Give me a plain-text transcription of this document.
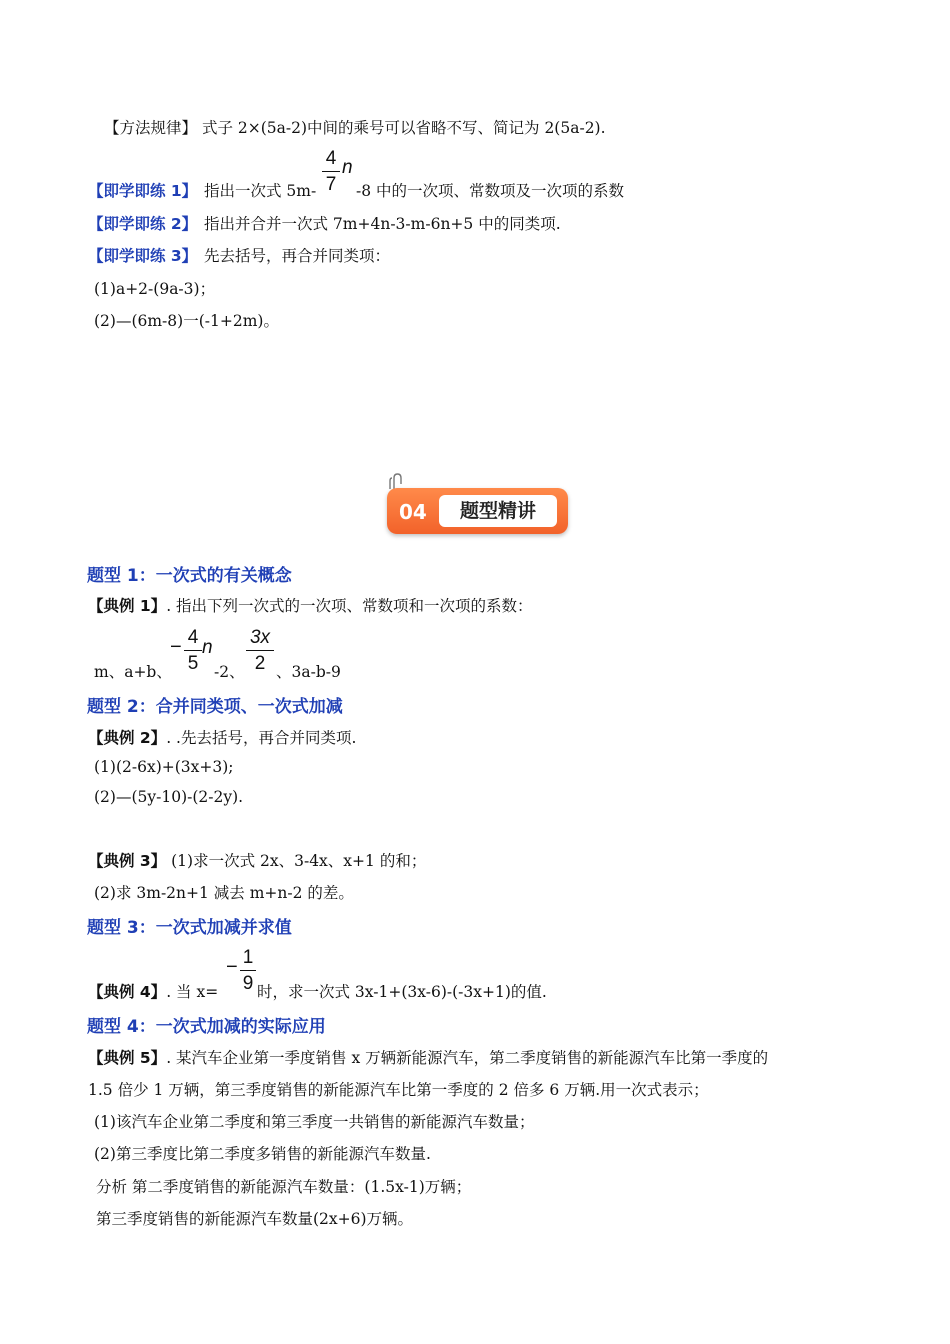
【方法规律】 式子 2×(5a-2)中间的乘号可以省略不写、简记为 2(5a-2).
【即学即练 1】 指出一次式 5m-
4
7
n
-8 中的一次项、常数项及一次项的系数
【即学即练 2】 指出并合并一次式 7m+4n-3-m-6n+5 中的同类项.
【即学即练 3】 先去括号，再合并同类项：
(1)a+2-(9a-3)；
(2)—(6m-8)一(-1+2m)。
04	题型精讲
题型 1：一次式的有关概念
【典例 1】. 指出下列一次式的一次项、常数项和一次项的系数：
m、a+b、
− 4
5
n
-2、
3x
2 、3a-b-9
题型 2：合并同类项、一次式加减
【典例 2】. .先去括号，再合并同类项.
(1)(2-6x)+(3x+3);
(2)—(5y-10)-(2-2y).
【典例 3】 (1)求一次式 2x、3-4x、x+1 的和；
(2)求 3m-2n+1 减去 m+n-2 的差。
题型 3：一次式加减并求值
【典例 4】. 当 x=
− 1
9 时，求一次式 3x-1+(3x-6)-(-3x+1)的值.
题型 4：一次式加减的实际应用
【典例 5】. 某汽车企业第一季度销售 x 万辆新能源汽车，第二季度销售的新能源汽车比第一季度的
1.5 倍少 1 万辆，第三季度销售的新能源汽车比第一季度的 2 倍多 6 万辆.用一次式表示；
(1)该汽车企业第二季度和第三季度一共销售的新能源汽车数量；
(2)第三季度比第二季度多销售的新能源汽车数量.
分析 第二季度销售的新能源汽车数量：(1.5x-1)万辆；
第三季度销售的新能源汽车数量(2x+6)万辆。
